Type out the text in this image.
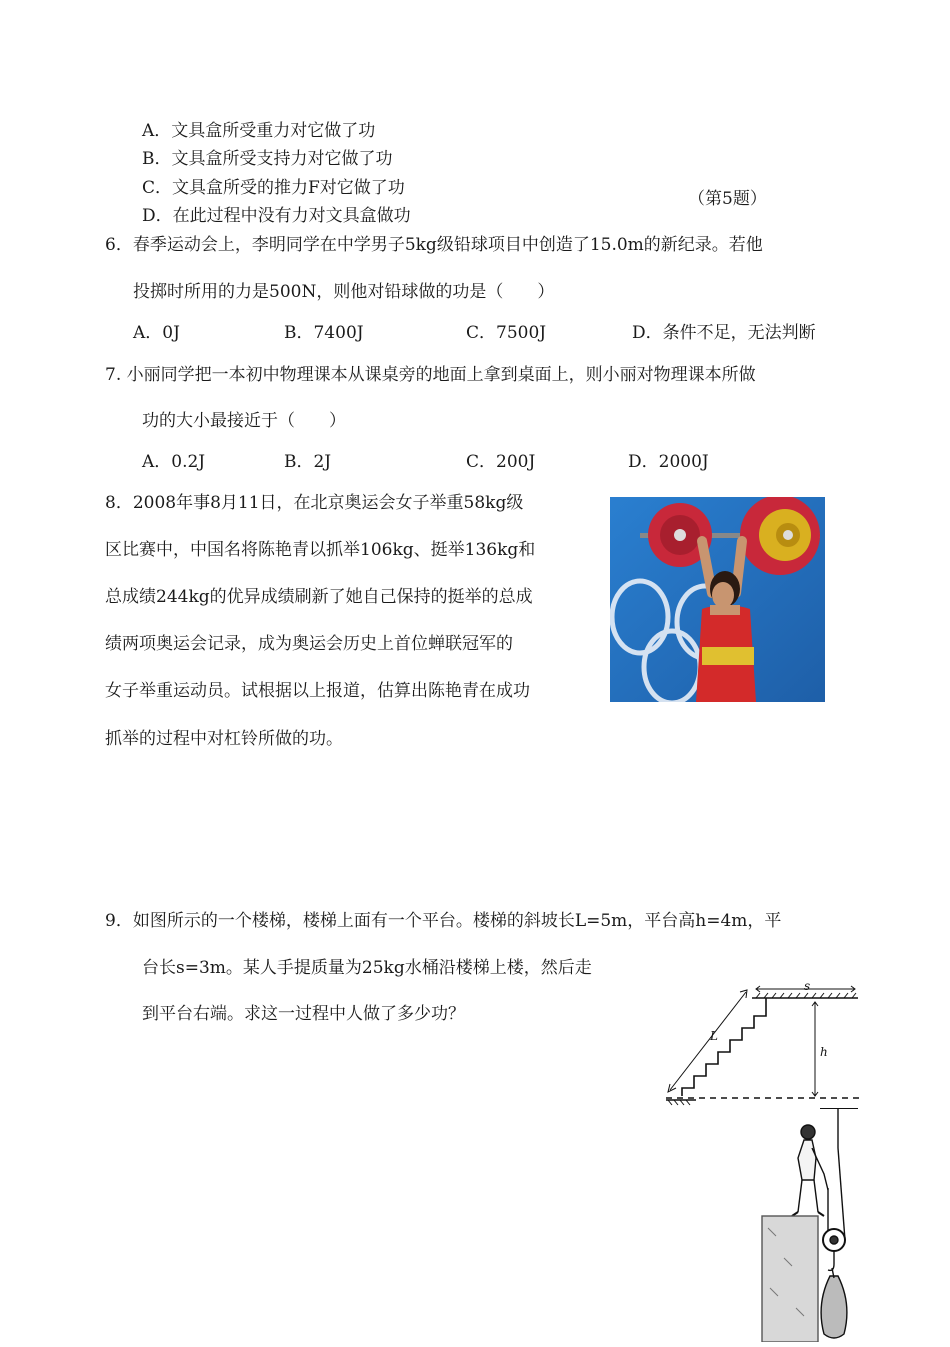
A．文具盒所受重力对它做了功
B．文具盒所受支持力对它做了功
C．文具盒所受的推力F对它做了功
（第5题）
D．在此过程中没有力对文具盒做功
6．春季运动会上，李明同学在中学男子5kg级铅球项目中创造了15.0m的新纪录。若他
投掷时所用的力是500N，则他对铅球做的功是（　　）
A．0J	B．7400J	C．7500J	D．条件不足，无法判断
7. 小丽同学把一本初中物理课本从课桌旁的地面上拿到桌面上，则小丽对物理课本所做
功的大小最接近于（　　）
A．0.2J	B．2J	C．200J	D．2000J
8．2008年事8月11日，在北京奥运会女子举重58kg级
区比赛中，中国名将陈艳青以抓举106kg、挺举136kg和
总成绩244kg的优异成绩刷新了她自己保持的挺举的总成
绩两项奥运会记录，成为奥运会历史上首位蝉联冠军的
女子举重运动员。试根据以上报道，估算出陈艳青在成功
抓举的过程中对杠铃所做的功。
9．如图所示的一个楼梯，楼梯上面有一个平台。楼梯的斜坡长L=5m，平台高h=4m，平
台长s=3m。某人手提质量为25kg水桶沿楼梯上楼，然后走
到平台右端。求这一过程中人做了多少功？
s
L
h
